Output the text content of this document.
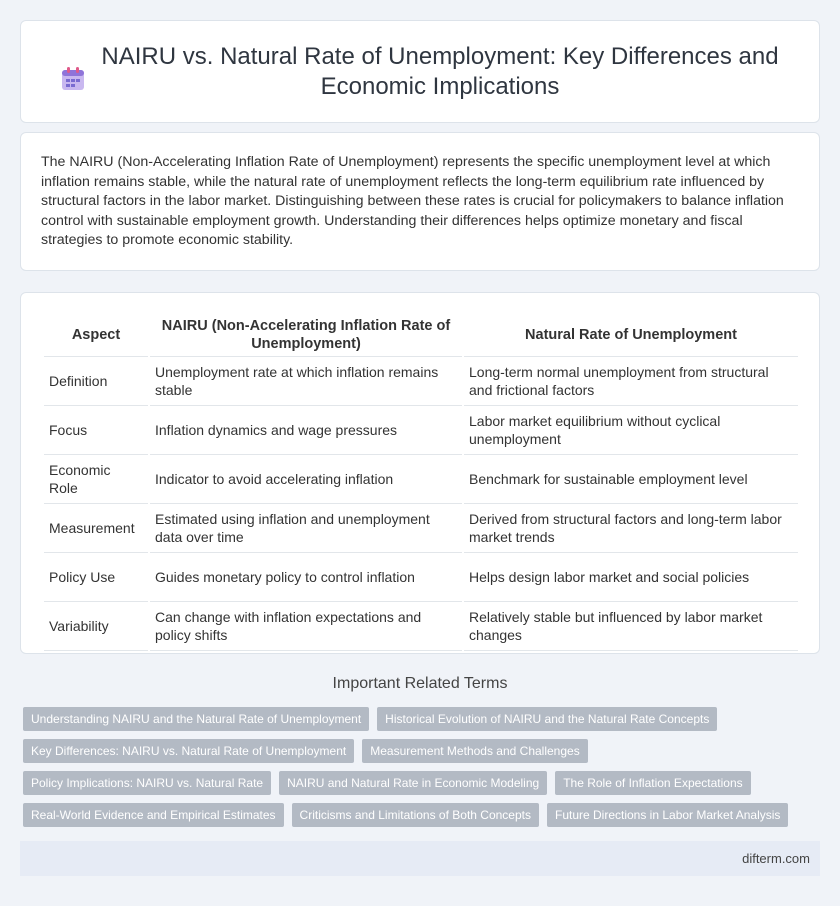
NAIRU vs. Natural Rate of Unemployment: Key Differences and Economic Implications

The NAIRU (Non-Accelerating Inflation Rate of Unemployment) represents the specific unemployment level at which inflation remains stable, while the natural rate of unemployment reflects the long-term equilibrium rate influenced by structural factors in the labor market. Distinguishing between these rates is crucial for policymakers to balance inflation control with sustainable employment growth. Understanding their differences helps optimize monetary and fiscal strategies to promote economic stability.

Aspect	NAIRU (Non-Accelerating Inflation Rate of Unemployment)	Natural Rate of Unemployment
Definition	Unemployment rate at which inflation remains stable	Long-term normal unemployment from structural and frictional factors
Focus	Inflation dynamics and wage pressures	Labor market equilibrium without cyclical unemployment
Economic Role	Indicator to avoid accelerating inflation	Benchmark for sustainable employment level
Measurement	Estimated using inflation and unemployment data over time	Derived from structural factors and long-term labor market trends
Policy Use	Guides monetary policy to control inflation	Helps design labor market and social policies
Variability	Can change with inflation expectations and policy shifts	Relatively stable but influenced by labor market changes
Important Related Terms
Understanding NAIRU and the Natural Rate of Unemployment	Historical Evolution of NAIRU and the Natural Rate Concepts
Key Differences: NAIRU vs. Natural Rate of Unemployment	Measurement Methods and Challenges
Policy Implications: NAIRU vs. Natural Rate	NAIRU and Natural Rate in Economic Modeling	The Role of Inflation Expectations
Real-World Evidence and Empirical Estimates	Criticisms and Limitations of Both Concepts	Future Directions in Labor Market Analysis
difterm.com
